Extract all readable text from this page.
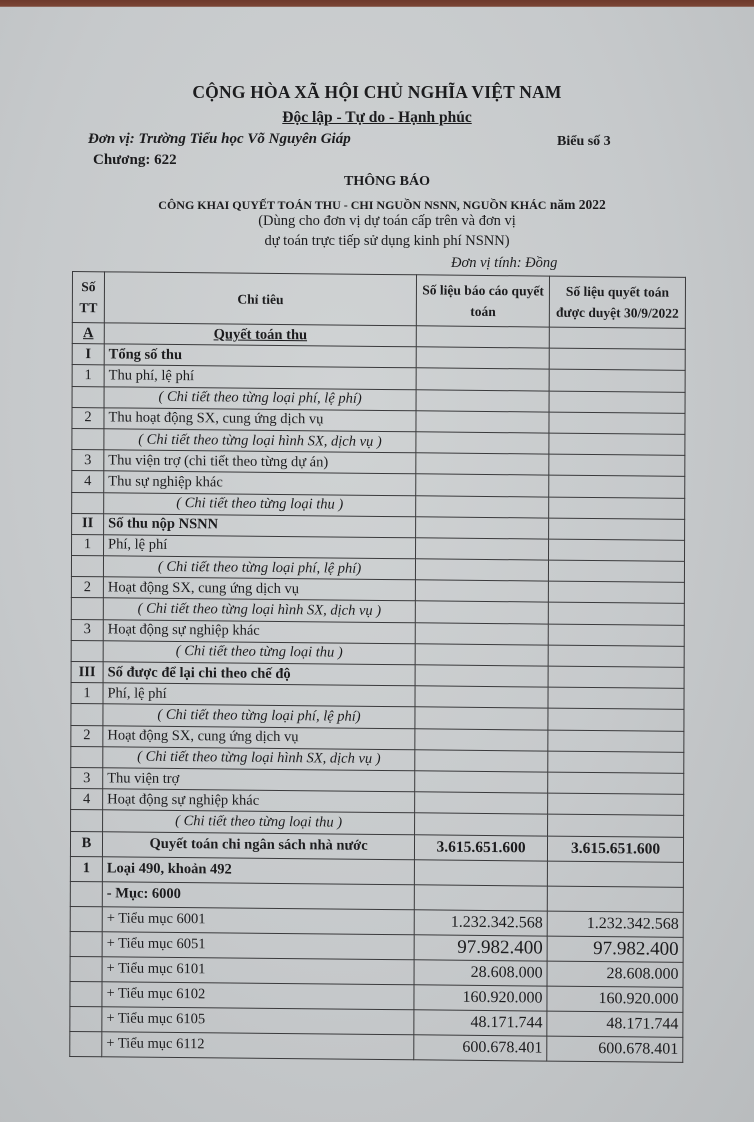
CỘNG HÒA XÃ HỘI CHỦ NGHĨA VIỆT NAM
Độc lập - Tự do - Hạnh phúc
Đơn vị: Trường Tiểu học Võ Nguyên Giáp	Biểu số 3
Chương: 622
THÔNG BÁO
CÔNG KHAI QUYẾT TOÁN THU - CHI NGUỒN NSNN, NGUỒN KHÁC năm 2022
(Dùng cho đơn vị dự toán cấp trên và đơn vị
dự toán trực tiếp sử dụng kinh phí NSNN)
Đơn vị tính: Đồng
Số TT	Chỉ tiêu	Số liệu báo cáo quyết toán	Số liệu quyết toán được duyệt 30/9/2022
A	Quyết toán thu		
I	Tổng số thu		
1	Thu phí, lệ phí		
	( Chi tiết theo từng loại phí, lệ phí)		
2	Thu hoạt động SX, cung ứng dịch vụ		
	( Chi tiết theo từng loại hình SX, dịch vụ )		
3	Thu viện trợ (chi tiết theo từng dự án)		
4	Thu sự nghiệp khác		
	( Chi tiết theo từng loại thu )		
II	Số thu nộp NSNN		
1	Phí, lệ phí		
	( Chi tiết theo từng loại phí, lệ phí)		
2	Hoạt động SX, cung ứng dịch vụ		
	( Chi tiết theo từng loại hình SX, dịch vụ )		
3	Hoạt động sự nghiệp khác		
	( Chi tiết theo từng loại thu )		
III	Số được để lại chi theo chế độ		
1	Phí, lệ phí		
	( Chi tiết theo từng loại phí, lệ phí)		
2	Hoạt động SX, cung ứng dịch vụ		
	( Chi tiết theo từng loại hình SX, dịch vụ )		
3	Thu viện trợ		
4	Hoạt động sự nghiệp khác		
	( Chi tiết theo từng loại thu )		
B	Quyết toán chi ngân sách nhà nước	3.615.651.600	3.615.651.600
1	Loại 490, khoản 492		
	- Mục: 6000		
	+ Tiểu mục 6001	1.232.342.568	1.232.342.568
	+ Tiểu mục 6051	97.982.400	97.982.400
	+ Tiểu mục 6101	28.608.000	28.608.000
	+ Tiểu mục 6102	160.920.000	160.920.000
	+ Tiểu mục 6105	48.171.744	48.171.744
	+ Tiểu mục 6112	600.678.401	600.678.401
